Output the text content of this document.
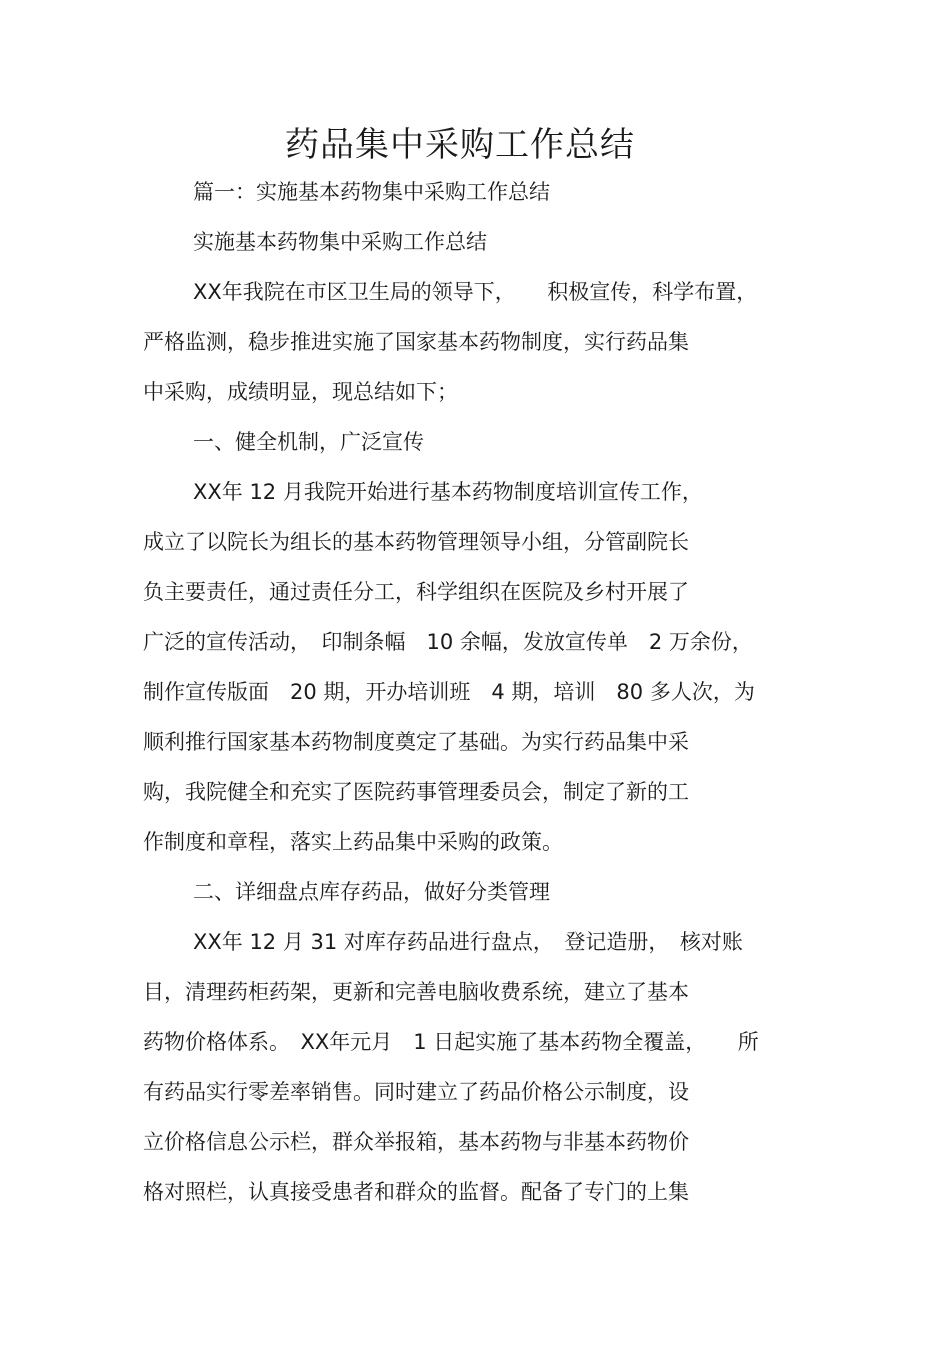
药品集中采购工作总结
篇一：实施基本药物集中采购工作总结
实施基本药物集中采购工作总结
XX年我院在市区卫生局的领导下，　　积极宣传，科学布置，
严格监测，稳步推进实施了国家基本药物制度，实行药品集
中采购，成绩明显，现总结如下；
一、健全机制，广泛宣传
XX年 12 月我院开始进行基本药物制度培训宣传工作，
成立了以院长为组长的基本药物管理领导小组，分管副院长
负主要责任，通过责任分工，科学组织在医院及乡村开展了
广泛的宣传活动，　印制条幅　10 余幅，发放宣传单　2 万余份，
制作宣传版面　20 期，开办培训班　4 期，培训　80 多人次，为
顺利推行国家基本药物制度奠定了基础。为实行药品集中采
购，我院健全和充实了医院药事管理委员会，制定了新的工
作制度和章程，落实上药品集中采购的政策。
二、详细盘点库存药品，做好分类管理
XX年 12 月 31 对库存药品进行盘点，　登记造册，　核对账
目，清理药柜药架，更新和完善电脑收费系统，建立了基本
药物价格体系。　XX年元月　1 日起实施了基本药物全覆盖，　　所
有药品实行零差率销售。同时建立了药品价格公示制度，设
立价格信息公示栏，群众举报箱，基本药物与非基本药物价
格对照栏，认真接受患者和群众的监督。配备了专门的上集
